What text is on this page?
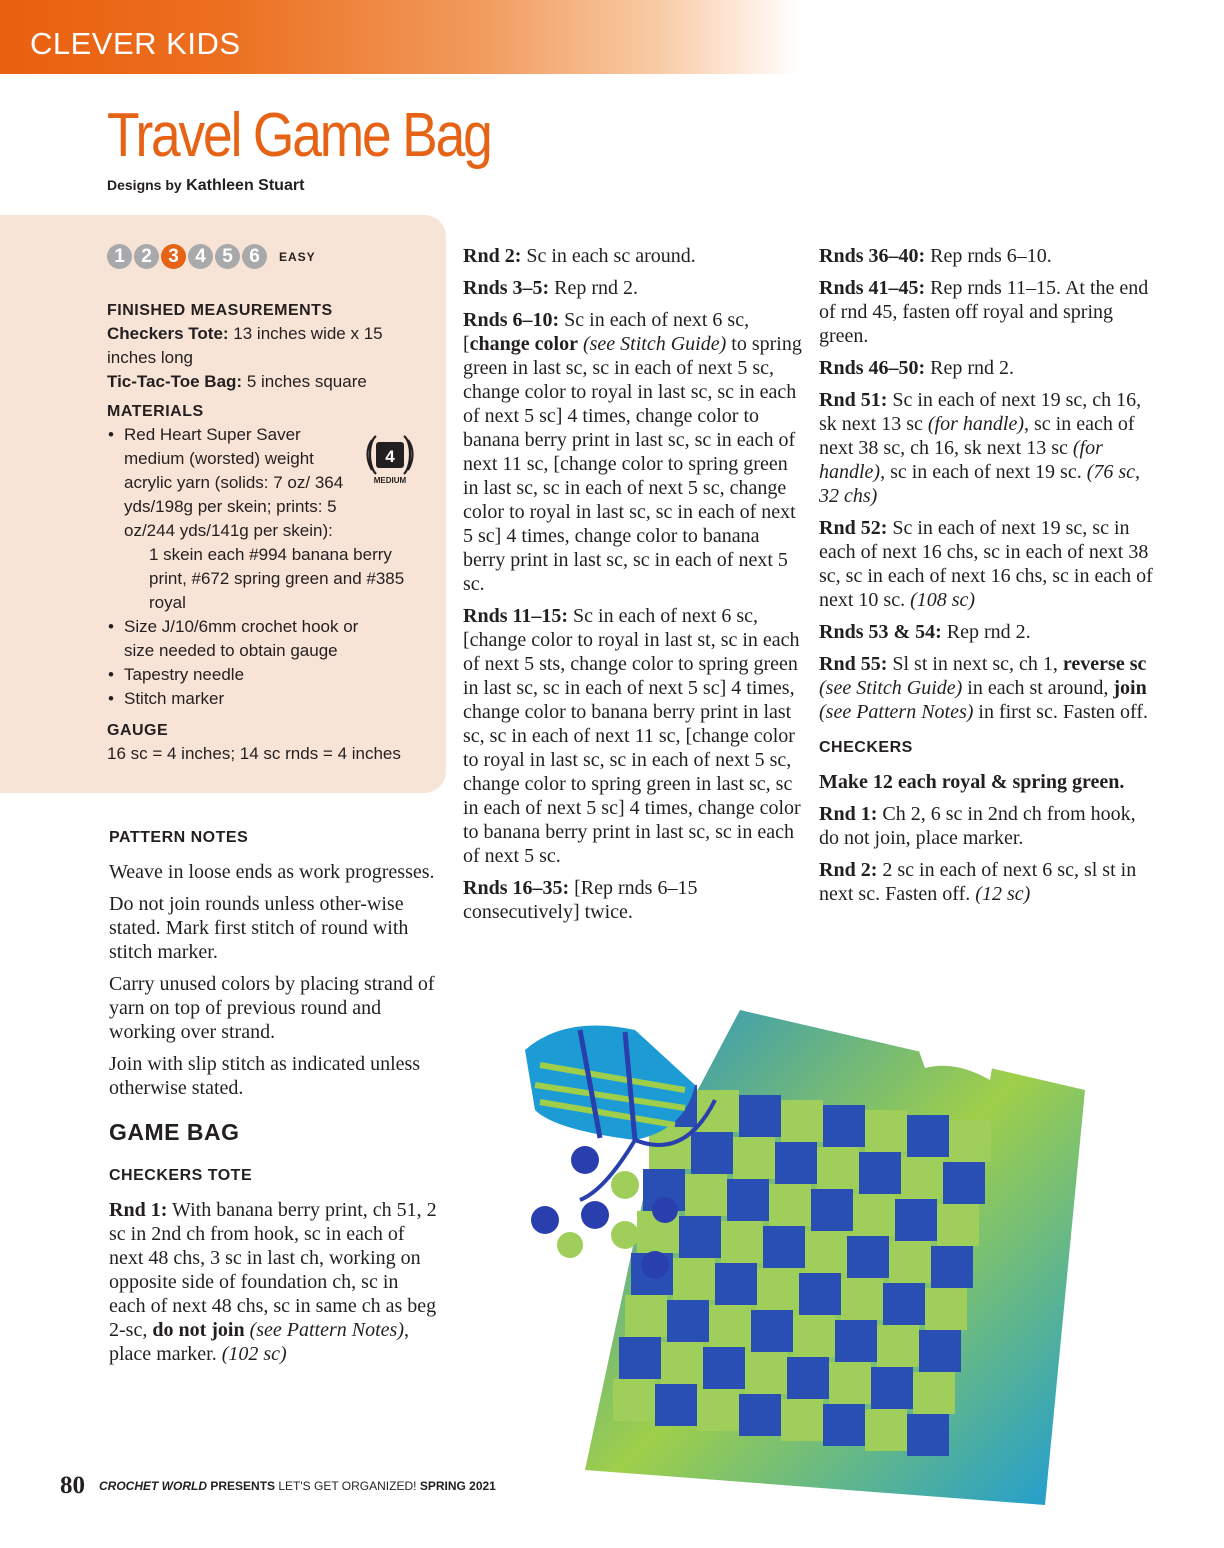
CLEVER KIDS
Travel Game Bag
Designs by Kathleen Stuart
1 2 3 4 5 6	EASY
4
MEDIUM
FINISHED MEASUREMENTS
Checkers Tote: 13 inches wide x 15 inches long
Tic-Tac-Toe Bag: 5 inches square
MATERIALS
• Red Heart Super Saver medium (worsted) weight acrylic yarn (solids: 7 oz/ 364 yds/198g per skein; prints: 5 oz/244 yds/141g per skein):
1 skein each #994 banana berry print, #672 spring green and #385 royal
• Size J/10/6mm crochet hook or size needed to obtain gauge
• Tapestry needle
• Stitch marker
GAUGE
16 sc = 4 inches; 14 sc rnds = 4 inches
PATTERN NOTES

Weave in loose ends as work progresses.

Do not join rounds unless other-wise stated. Mark first stitch of round with stitch marker.

Carry unused colors by placing strand of yarn on top of previous round and working over strand.

Join with slip stitch as indicated unless otherwise stated.

GAME BAG
CHECKERS TOTE

Rnd 1: With banana berry print, ch 51, 2 sc in 2nd ch from hook, sc in each of next 48 chs, 3 sc in last ch, working on opposite side of foundation ch, sc in each of next 48 chs, sc in same ch as beg 2-sc, do not join (see Pattern Notes), place marker. (102 sc)

Rnd 2: Sc in each sc around.

Rnds 3–5: Rep rnd 2.

Rnds 6–10: Sc in each of next 6 sc, [change color (see Stitch Guide) to spring green in last sc, sc in each of next 5 sc, change color to royal in last sc, sc in each of next 5 sc] 4 times, change color to banana berry print in last sc, sc in each of next 11 sc, [change color to spring green in last sc, sc in each of next 5 sc, change color to royal in last sc, sc in each of next 5 sc] 4 times, change color to banana berry print in last sc, sc in each of next 5 sc.

Rnds 11–15: Sc in each of next 6 sc, [change color to royal in last st, sc in each of next 5 sts, change color to spring green in last sc, sc in each of next 5 sc] 4 times, change color to banana berry print in last sc, sc in each of next 11 sc, [change color to royal in last sc, sc in each of next 5 sc, change color to spring green in last sc, sc in each of next 5 sc] 4 times, change color to banana berry print in last sc, sc in each of next 5 sc.

Rnds 16–35: [Rep rnds 6–15 consecutively] twice.

Rnds 36–40: Rep rnds 6–10.

Rnds 41–45: Rep rnds 11–15. At the end of rnd 45, fasten off royal and spring green.

Rnds 46–50: Rep rnd 2.

Rnd 51: Sc in each of next 19 sc, ch 16, sk next 13 sc (for handle), sc in each of next 38 sc, ch 16, sk next 13 sc (for handle), sc in each of next 19 sc. (76 sc, 32 chs)

Rnd 52: Sc in each of next 19 sc, sc in each of next 16 chs, sc in each of next 38 sc, sc in each of next 16 chs, sc in each of next 10 sc. (108 sc)

Rnds 53 & 54: Rep rnd 2.

Rnd 55: Sl st in next sc, ch 1, reverse sc (see Stitch Guide) in each st around, join (see Pattern Notes) in first sc. Fasten off.

CHECKERS

Make 12 each royal & spring green.

Rnd 1: Ch 2, 6 sc in 2nd ch from hook, do not join, place marker.

Rnd 2: 2 sc in each of next 6 sc, sl st in next sc. Fasten off. (12 sc)

80 CROCHET WORLD PRESENTS LET'S GET ORGANIZED! SPRING 2021
